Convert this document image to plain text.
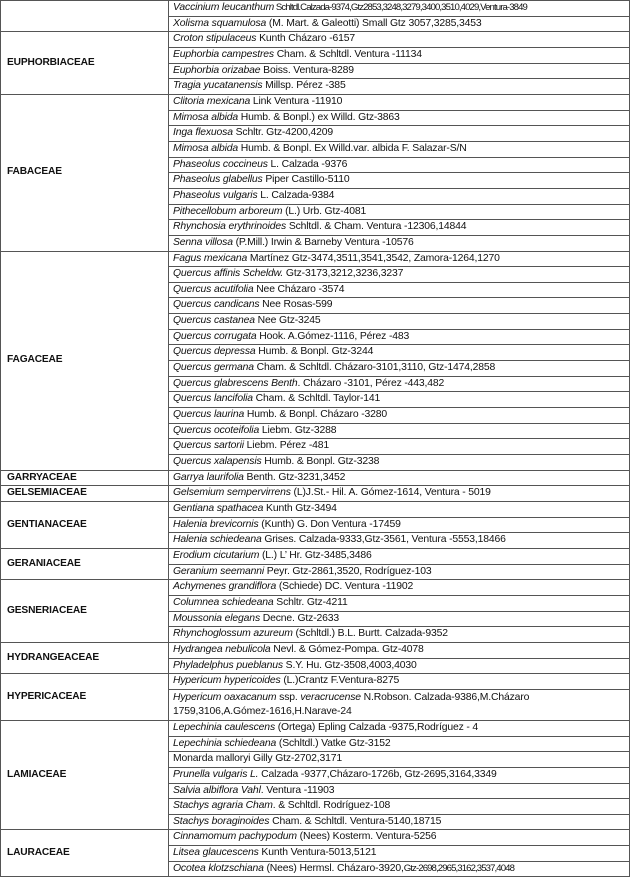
	Vaccinium leucanthum Schltdl.Calzada-9374,Gtz2853,3248,3279,3400,3510,4029,Ventura-3849
	Xolisma squamulosa (M. Mart. & Galeotti) Small Gtz 3057,3285,3453
EUPHORBIACEAE	Croton stipulaceus Kunth Cházaro -6157
	Euphorbia campestres Cham. & Schltdl. Ventura -11134
	Euphorbia orizabae Boiss. Ventura-8289
	Tragia yucatanensis Millsp. Pérez -385
FABACEAE	Clitoria mexicana Link Ventura -11910
	Mimosa albida Humb. & Bonpl.) ex Willd. Gtz-3863
	Inga flexuosa Schltr. Gtz-4200,4209
	Mimosa albida Humb. & Bonpl. Ex Willd.var. albida F. Salazar-S/N
	Phaseolus coccineus L. Calzada -9376
	Phaseolus glabellus Piper Castillo-5110
	Phaseolus vulgaris L. Calzada-9384
	Pithecellobum arboreum (L.) Urb. Gtz-4081
	Rhynchosia erythrinoides Schltdl. & Cham. Ventura -12306,14844
	Senna villosa (P.Mill.) Irwin & Barneby Ventura -10576
FAGACEAE	Fagus mexicana Martínez Gtz-3474,3511,3541,3542, Zamora-1264,1270
	Quercus affinis Scheldw. Gtz-3173,3212,3236,3237
	Quercus acutifolia Nee Cházaro -3574
	Quercus candicans Nee Rosas-599
	Quercus castanea Nee Gtz-3245
	Quercus corrugata Hook. A.Gómez-1116, Pérez -483
	Quercus depressa Humb. & Bonpl. Gtz-3244
	Quercus germana Cham. & Schltdl. Cházaro-3101,3110, Gtz-1474,2858
	Quercus glabrescens Benth. Cházaro -3101, Pérez -443,482
	Quercus lancifolia Cham. & Schltdl. Taylor-141
	Quercus laurina Humb. & Bonpl. Cházaro -3280
	Quercus ocoteifolia Liebm. Gtz-3288
	Quercus sartorii Liebm. Pérez -481
	Quercus xalapensis Humb. & Bonpl. Gtz-3238
GARRYACEAE	Garrya laurifolia Benth. Gtz-3231,3452
GELSEMIACEAE	Gelsemium sempervirrens (L)J.St.- Hil. A. Gómez-1614, Ventura - 5019
GENTIANACEAE	Gentiana spathacea Kunth Gtz-3494
	Halenia brevicornis (Kunth) G. Don Ventura -17459
	Halenia schiedeana Grises. Calzada-9333,Gtz-3561, Ventura -5553,18466
GERANIACEAE	Erodium cicutarium (L.) L’ Hr. Gtz-3485,3486
	Geranium seemanni Peyr. Gtz-2861,3520, Rodríguez-103
GESNERIACEAE	Achymenes grandiflora (Schiede) DC. Ventura -11902
	Columnea schiedeana Schltr. Gtz-4211
	Moussonia elegans Decne. Gtz-2633
	Rhynchoglossum azureum (Schltdl.) B.L. Burtt. Calzada-9352
HYDRANGEACEAE	Hydrangea nebulicola Nevl. & Gómez-Pompa. Gtz-4078
	Phyladelphus pueblanus S.Y. Hu. Gtz-3508,4003,4030
HYPERICACEAE	Hypericum hypericoides (L.)Crantz F.Ventura-8275
	Hypericum oaxacanum ssp. veracrucense N.Robson. Calzada-9386,M.Cházaro 1759,3106,A.Gómez-1616,H.Narave-24
LAMIACEAE	Lepechinia caulescens (Ortega) Epling Calzada -9375,Rodríguez - 4
	Lepechinia schiedeana (Schltdl.) Vatke Gtz-3152
	Monarda malloryi Gilly Gtz-2702,3171
	Prunella vulgaris L. Calzada -9377,Cházaro-1726b, Gtz-2695,3164,3349
	Salvia albiflora Vahl. Ventura -11903
	Stachys agraria Cham. & Schltdl. Rodríguez-108
	Stachys boraginoides Cham. & Schltdl. Ventura-5140,18715
LAURACEAE	Cinnamomum pachypodum (Nees) Kosterm. Ventura-5256
	Litsea glaucescens Kunth Ventura-5013,5121
	Ocotea klotzschiana (Nees) Hermsl. Cházaro-3920,Gtz-2698,2965,3162,3537,4048
